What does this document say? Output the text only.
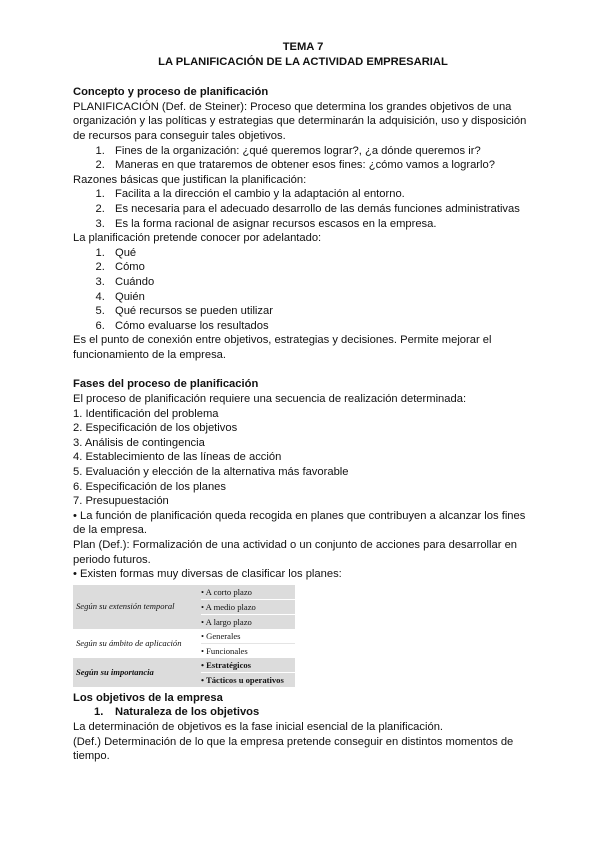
TEMA 7

LA PLANIFICACIÓN DE LA ACTIVIDAD EMPRESARIAL

Concepto y proceso de planificación

PLANIFICACIÓN (Def. de Steiner): Proceso que determina los grandes objetivos de una organización y las políticas y estrategias que determinarán la adquisición, uso y disposición de recursos para conseguir tales objetivos.

1. Fines de la organización: ¿qué queremos lograr?, ¿a dónde queremos ir?
2. Maneras en que trataremos de obtener esos fines: ¿cómo vamos a lograrlo?

Razones básicas que justifican la planificación:

1. Facilita a la dirección el cambio y la adaptación al entorno.
2. Es necesaria para el adecuado desarrollo de las demás funciones administrativas
3. Es la forma racional de asignar recursos escasos en la empresa.

La planificación pretende conocer por adelantado:

1. Qué
2. Cómo
3. Cuándo
4. Quién
5. Qué recursos se pueden utilizar
6. Cómo evaluarse los resultados

Es el punto de conexión entre objetivos, estrategias y decisiones. Permite mejorar el funcionamiento de la empresa.

Fases del proceso de planificación

El proceso de planificación requiere una secuencia de realización determinada:

1. Identificación del problema

2. Especificación de los objetivos

3. Análisis de contingencia

4. Establecimiento de las líneas de acción

5. Evaluación y elección de la alternativa más favorable

6. Especificación de los planes

7. Presupuestación

• La función de planificación queda recogida en planes que contribuyen a alcanzar los fines de la empresa.

Plan (Def.): Formalización de una actividad o un conjunto de acciones para desarrollar en periodo futuros.

• Existen formas muy diversas de clasificar los planes:

Según su extensión temporal
• A corto plazo
• A medio plazo
• A largo plazo
Según su ámbito de aplicación
• Generales
• Funcionales
Según su importancia
• Estratégicos
• Tácticos u operativos

Los objetivos de la empresa

1. Naturaleza de los objetivos

La determinación de objetivos es la fase inicial esencial de la planificación.

(Def.) Determinación de lo que la empresa pretende conseguir en distintos momentos de tiempo.
